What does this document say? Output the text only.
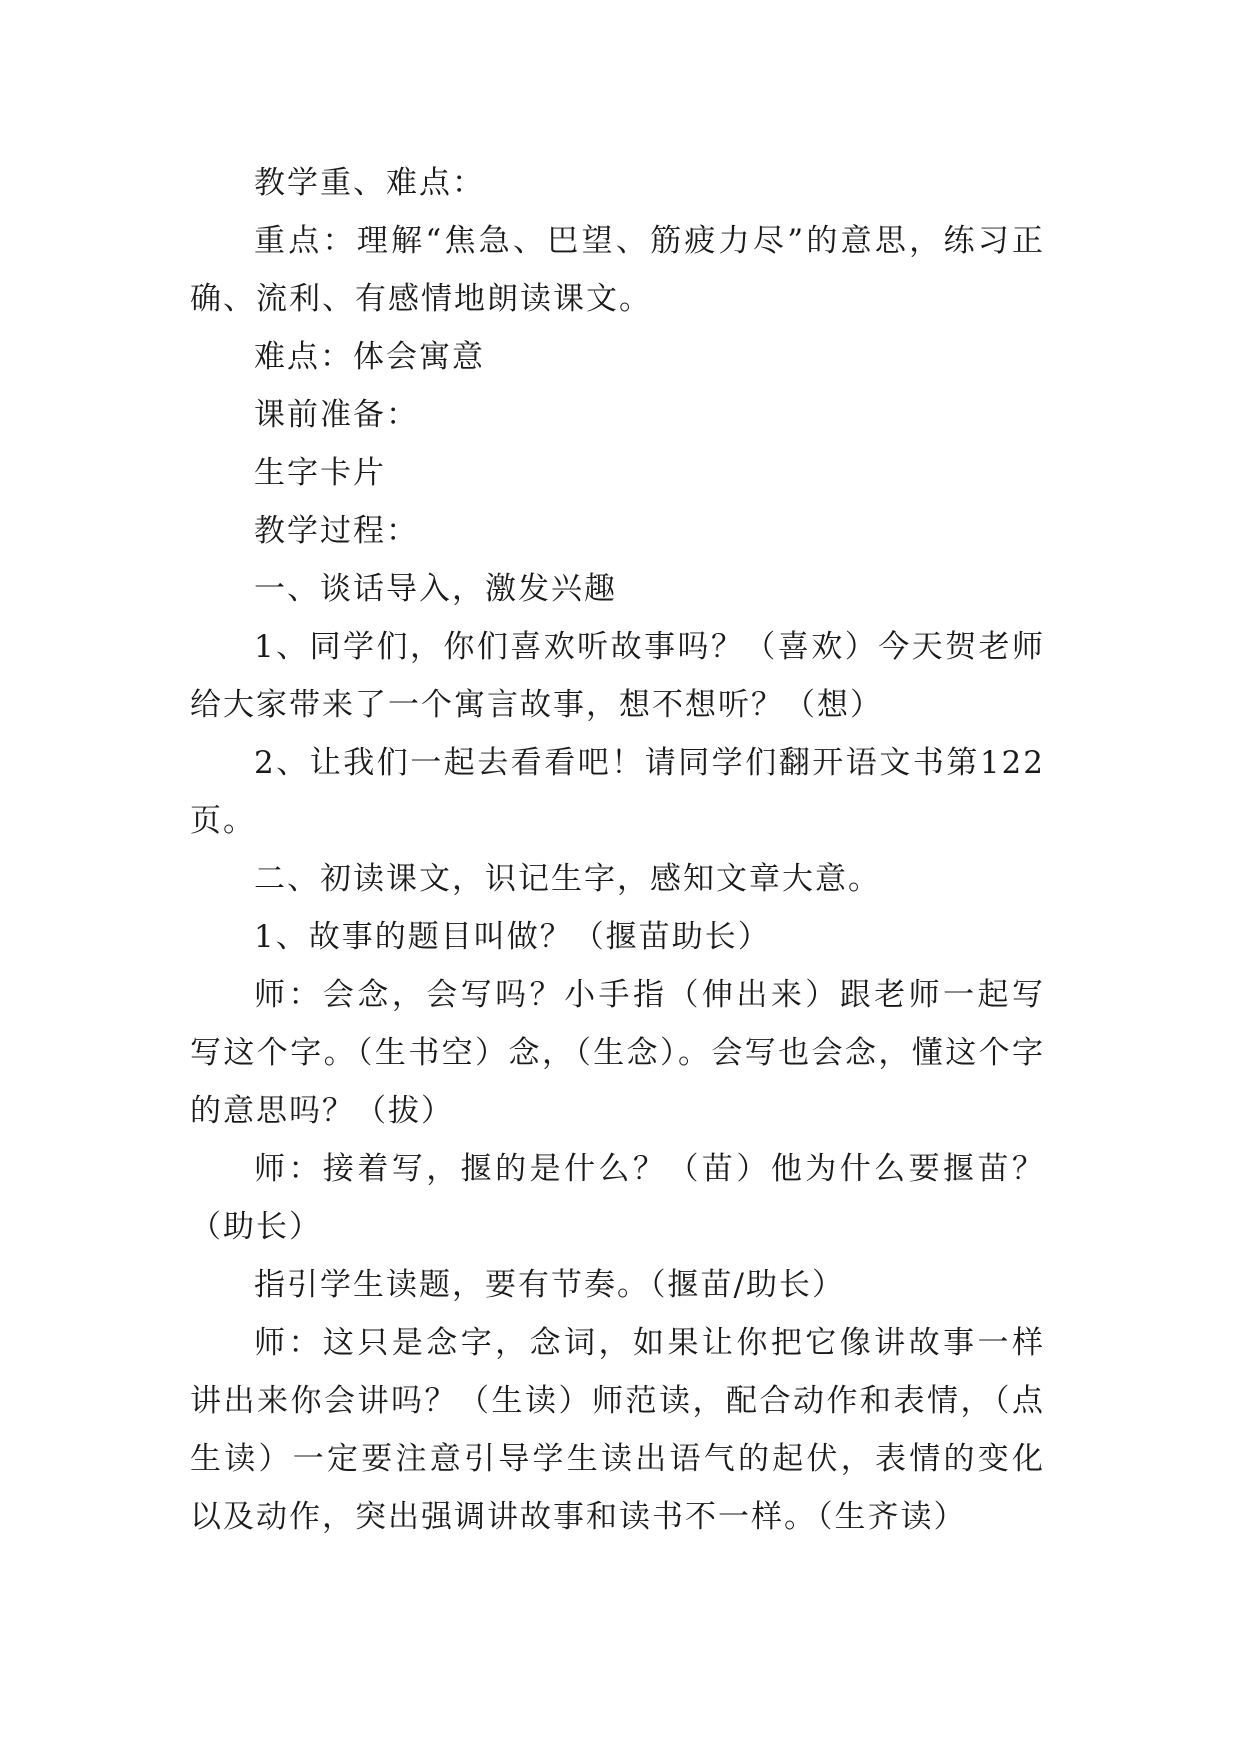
教学重、难点：

重点：理解“焦急、巴望、筋疲力尽”的意思，练习正确、流利、有感情地朗读课文。

难点：体会寓意

课前准备：

生字卡片

教学过程：

一、谈话导入，激发兴趣

1、同学们，你们喜欢听故事吗？（喜欢）今天贺老师给大家带来了一个寓言故事，想不想听？（想）

2、让我们一起去看看吧！请同学们翻开语文书第122页。

二、初读课文，识记生字，感知文章大意。

1、故事的题目叫做？（揠苗助长）

师：会念，会写吗？小手指（伸出来）跟老师一起写写这个字。（生书空）念，（生念）。会写也会念，懂这个字的意思吗？（拔）

师：接着写，揠的是什么？（苗）他为什么要揠苗？（助长）

指引学生读题，要有节奏。（揠苗/助长）

师：这只是念字，念词，如果让你把它像讲故事一样讲出来你会讲吗？（生读）师范读，配合动作和表情，（点生读）一定要注意引导学生读出语气的起伏，表情的变化以及动作，突出强调讲故事和读书不一样。（生齐读）
